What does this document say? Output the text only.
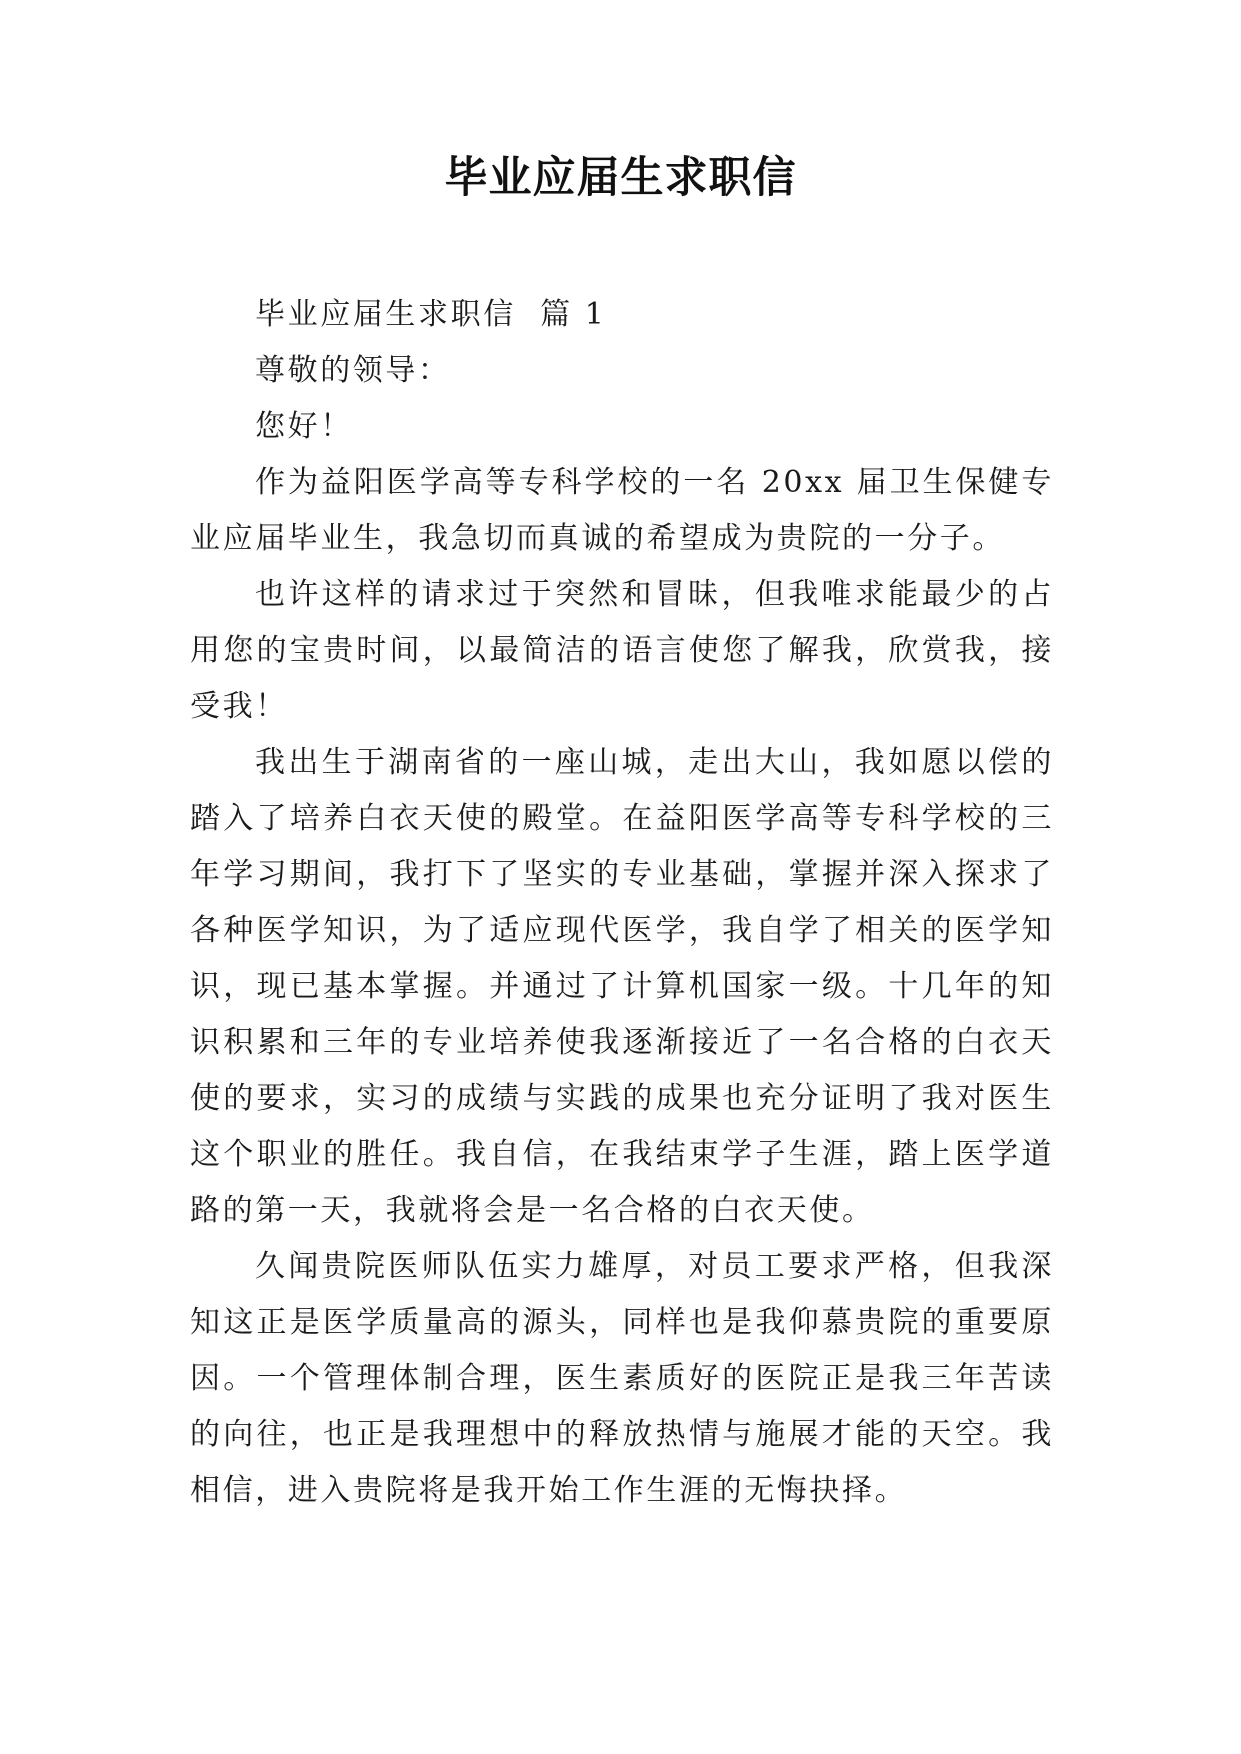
毕业应届生求职信

毕业应届生求职信  篇 1

尊敬的领导：

您好！

作为益阳医学高等专科学校的一名 20xx 届卫生保健专业应届毕业生，我急切而真诚的希望成为贵院的一分子。

也许这样的请求过于突然和冒昧，但我唯求能最少的占用您的宝贵时间，以最简洁的语言使您了解我，欣赏我，接受我！

我出生于湖南省的一座山城，走出大山，我如愿以偿的踏入了培养白衣天使的殿堂。在益阳医学高等专科学校的三年学习期间，我打下了坚实的专业基础，掌握并深入探求了各种医学知识，为了适应现代医学，我自学了相关的医学知识，现已基本掌握。并通过了计算机国家一级。十几年的知识积累和三年的专业培养使我逐渐接近了一名合格的白衣天使的要求，实习的成绩与实践的成果也充分证明了我对医生这个职业的胜任。我自信，在我结束学子生涯，踏上医学道路的第一天，我就将会是一名合格的白衣天使。

久闻贵院医师队伍实力雄厚，对员工要求严格，但我深知这正是医学质量高的源头，同样也是我仰慕贵院的重要原因。一个管理体制合理，医生素质好的医院正是我三年苦读的向往，也正是我理想中的释放热情与施展才能的天空。我相信，进入贵院将是我开始工作生涯的无悔抉择。
